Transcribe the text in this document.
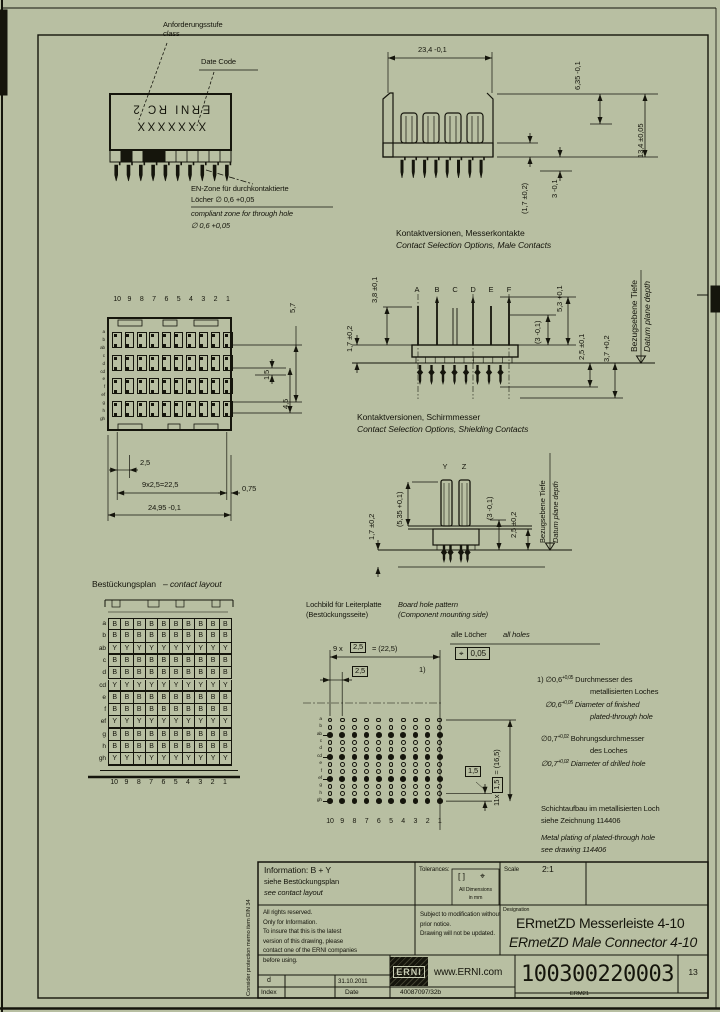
Anforderungsstufe
class
Date Code
XXXXXXX
ERNI RC 2
EN-Zone für durchkontaktierte
Löcher ∅ 0,6 +0,05
compliant zone for through hole
∅ 0,6 +0,05
23,4 -0,1
6,35 -0,1
13,4 ±0,05
(1,7 ±0,2)	3 -0,1
Kontaktversionen, Messerkontakte
Contact Selection Options, Male Contacts
3,8 ±0,1	A B C D E F	5,3 +0,1
(3 -0,1)
1,7 ±0,2	2,5 ±0,1 3,7 +0,2 Bezugsebene Tiefe Datum plane depth
Kontaktversionen, Schirmmesser
Contact Selection Options, Shielding Contacts
Y	Z
(5,35 +0,1)
1,7 ±0,2
(3 -0,1)
2,5 ±0,2	Bezugsebene Tiefe Datum plane depth
5,7
1,5
4,5
2,5
9x2,5=22,5	0,75
24,95 -0,1
Bestückungsplan – contact layout
Lochbild für Leiterplatte
(Bestückungsseite)
Board hole pattern
(Component mounting side)
9 x	2,5	= (22,5)
2,5	1)
alle Löcher all holes
⌖ 0,05
1,5
11x 1,5 = (16,5)
1) $\emptyset 0,6^{+0,05}$ Durchmesser des
metallisierten Loches
$\emptyset 0,6^{+0,05}$ Diameter of finished
plated-through hole
$\emptyset 0,7^{+0,02}$ Bohrungsdurchmesser
des Loches
$\emptyset 0,7^{+0,02}$ Diameter of drilled hole
Schichtaufbau im metallisierten Loch
siehe Zeichnung 114406
Metal plating of plated-through hole
see drawing 114406
Consider protection memo item DIN 34
Information: B + Y
siehe Bestückungsplan
see contact layout
Tolerances:
[ ] ⌖
All Dimensions
in mm
Scale	2:1
All rights reserved.
Only for Information.
To insure that this is the latest
version of this drawing, please
contact one of the ERNI companies
before using.
Subject to modification without
prior notice.
Drawing will not be updated.
Designation
ERmetZD Messerleiste 4-10
ERmetZD Male Connector 4-10
ERNI	www.ERNI.com 100300220003	13
ERM21
d	31.10.2011
Index	Date	40087097/32b
10 9	8	7	6	5	4	3	2	1
10 9	8	7	6	5	4	3	2	1
10 9	8	7	6	5	4	3	2	1
a
b
ab
c
d
cd
e
f
ef
g
h
gh
a B	B	B	B	B	B	B	B	B	B
b B	B	B	B	B	B	B	B	B	B
ab Y	Y	Y	Y	Y	Y	Y	Y	Y	Y
c B	B	B	B	B	B	B	B	B	B
d B	B	B	B	B	B	B	B	B	B
cd Y	Y	Y	Y	Y	Y	Y	Y	Y	Y
e B	B	B	B	B	B	B	B	B	B
f B	B	B	B	B	B	B	B	B	B
ef Y	Y	Y	Y	Y	Y	Y	Y	Y	Y
g B	B	B	B	B	B	B	B	B	B
h B	B	B	B	B	B	B	B	B	B
gh Y	Y	Y	Y	Y	Y	Y	Y	Y	Y
a
b
ab
c
d
cd
e
f
ef
g
h
gh
